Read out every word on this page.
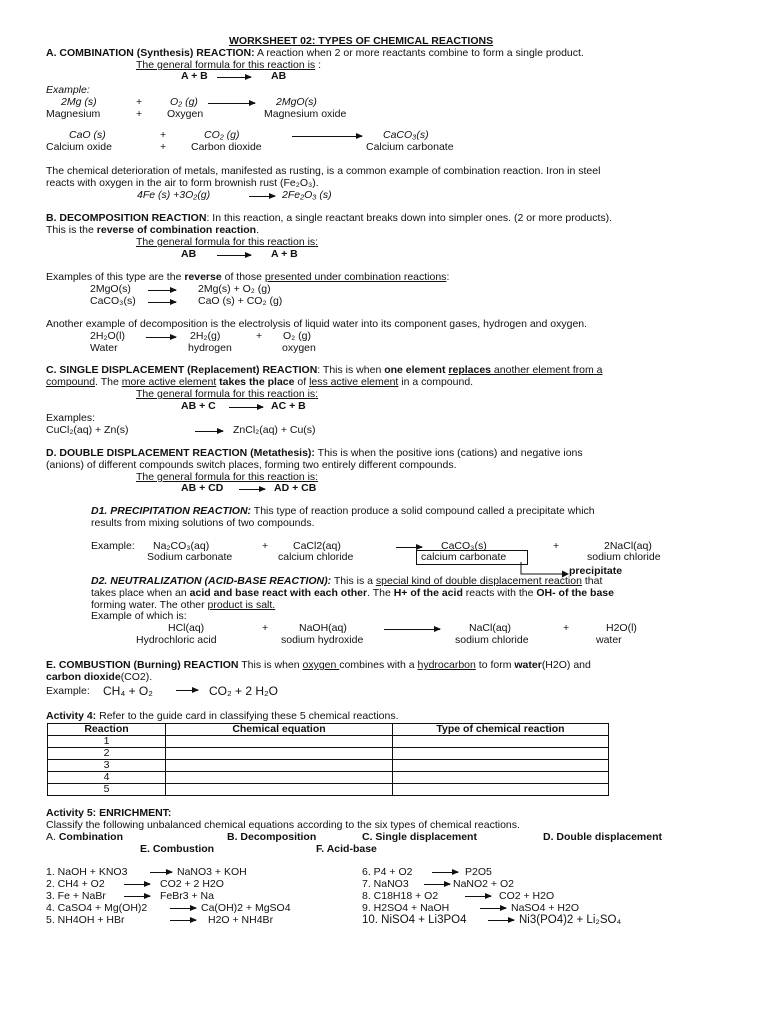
WORKSHEET 02: TYPES OF CHEMICAL REACTIONS
A. COMBINATION (Synthesis) REACTION: A reaction when 2 or more reactants combine to form a single product.
The general formula for this reaction is :
A + B	AB
Example:
2Mg (s)	+	O₂ (g)	2MgO(s)
Magnesium	+ Oxygen	Magnesium oxide
CaO (s)	+	CO₂ (g)	CaCO₃(s)
Calcium oxide	+ Carbon dioxide	Calcium carbonate
The chemical deterioration of metals, manifested as rusting, is a common example of combination reaction. Iron in steel
reacts with oxygen in the air to form brownish rust (Fe₂O₃).
4Fe (s) +3O₂(g)	2Fe₂O₃ (s)
B. DECOMPOSITION REACTION: In this reaction, a single reactant breaks down into simpler ones. (2 or more products).
This is the reverse of combination reaction.
The general formula for this reaction is:
AB	A + B
Examples of this type are the reverse of those presented under combination reactions:
2MgO(s)	2Mg(s) + O₂ (g)
CaCO₃(s)	CaO (s) + CO₂ (g)
Another example of decomposition is the electrolysis of liquid water into its component gases, hydrogen and oxygen.
2H₂O(l)	2H₂(g)	+ O₂ (g)
Water	hydrogen	oxygen
C. SINGLE DISPLACEMENT (Replacement) REACTION: This is when one element replaces another element from a
compound. The more active element takes the place of less active element in a compound.
The general formula for this reaction is:
AB + C	AC + B
Examples:
CuCl₂(aq) + Zn(s)	ZnCl₂(aq) + Cu(s)
D. DOUBLE DISPLACEMENT REACTION (Metathesis): This is when the positive ions (cations) and negative ions
(anions) of different compounds switch places, forming two entirely different compounds.
The general formula for this reaction is:
AB + CD	AD + CB
D1. PRECIPITATION REACTION: This type of reaction produce a solid compound called a precipitate which
results from mixing solutions of two compounds.
Example: Na₂CO₃(aq)	+ CaCl2(aq)	CaCO₃(s)	+	2NaCl(aq)
Sodium carbonate	calcium chloride	calcium carbonate	sodium chloride
precipitate
D2. NEUTRALIZATION (ACID-BASE REACTION): This is a special kind of double displacement reaction that
takes place when an acid and base react with each other. The H+ of the acid reacts with the OH- of the base
forming water. The other product is salt.
Example of which is:
HCl(aq)	+	NaOH(aq)	NaCl(aq)	+	H2O(l)
Hydrochloric acid	sodium hydroxide	sodium chloride	water
E. COMBUSTION (Burning) REACTION This is when oxygen combines with a hydrocarbon to form water(H2O) and
carbon dioxide(CO2).
Example: CH₄ + O₂	CO₂ + 2 H₂O
Activity 4: Refer to the guide card in classifying these 5 chemical reactions.
Reaction	Chemical equation	Type of chemical reaction
1		
2		
3		
4		
5		
Activity 5: ENRICHMENT:
Classify the following unbalanced chemical equations according to the six types of chemical reactions.
A. Combination	B. Decomposition	C. Single displacement	D. Double displacement
E. Combustion	F. Acid-base
1. NaOH + KNO3	NaNO3 + KOH
2. CH4 + O2	CO2 + 2 H2O
3. Fe + NaBr	FeBr3 + Na
4. CaSO4 + Mg(OH)2	Ca(OH)2 + MgSO4
5. NH4OH + HBr	H2O + NH4Br
6. P4 + O2	P2O5
7. NaNO3	NaNO2 + O2
8. C18H18 + O2	CO2 + H2O
9. H2SO4 + NaOH	NaSO4 + H2O
10. NiSO4 + Li3PO4	Ni3(PO4)2 + Li₂SO₄
